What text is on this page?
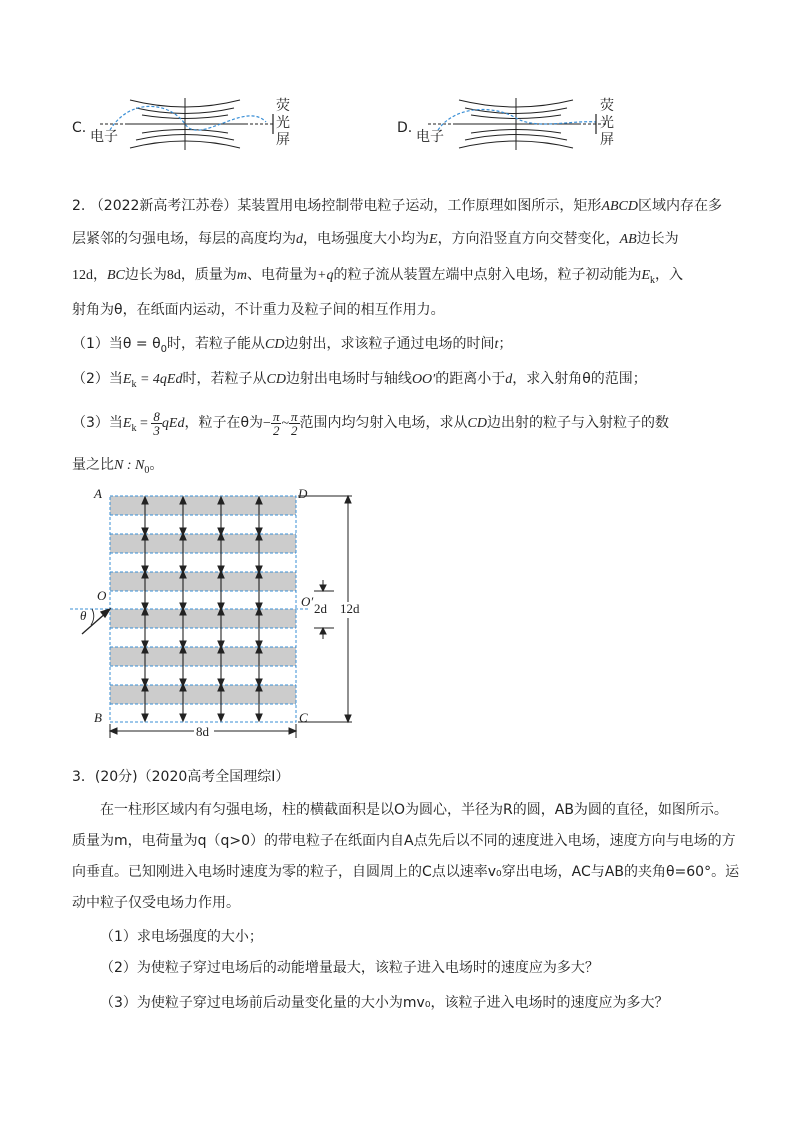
C.
电子
荧
光
屏
D.
电子
荧
光
屏
2. （2022新高考江苏卷）某装置用电场控制带电粒子运动，工作原理如图所示，矩形ABCD区域内存在多
层紧邻的匀强电场，每层的高度均为d，电场强度大小均为E，方向沿竖直方向交替变化，AB边长为
12d，BC边长为8d，质量为m、电荷量为+q的粒子流从装置左端中点射入电场，粒子初动能为$E_k$，入
射角为θ，在纸面内运动，不计重力及粒子间的相互作用力。
（1）当$\theta = \theta_0$时，若粒子能从CD边射出，求该粒子通过电场的时间t；
（2）当$E_k = 4qEd$时，若粒子从CD边射出电场时与轴线OO′的距离小于d，求入射角θ的范围；
（3）当$E_k = \frac{8}{3}$ qEd，粒子在θ为− $\frac{\pi}{2}$ ~ $\frac{\pi}{2}$ 范围内均匀射入电场，求从CD边出射的粒子与入射粒子的数
量之比N : $N_0$。
A	D
B	C
O
θ
O′ 2d 12d
8d
3．(20分)（2020高考全国理综I）
在一柱形区域内有匀强电场，柱的横截面积是以O为圆心，半径为R的圆，AB为圆的直径，如图所示。
质量为m，电荷量为q（q>0）的带电粒子在纸面内自A点先后以不同的速度进入电场，速度方向与电场的方
向垂直。已知刚进入电场时速度为零的粒子，自圆周上的C点以速率v₀穿出电场，AC与AB的夹角θ=60°。运
动中粒子仅受电场力作用。
（1）求电场强度的大小；
（2）为使粒子穿过电场后的动能增量最大，该粒子进入电场时的速度应为多大？
（3）为使粒子穿过电场前后动量变化量的大小为mv₀，该粒子进入电场时的速度应为多大？
